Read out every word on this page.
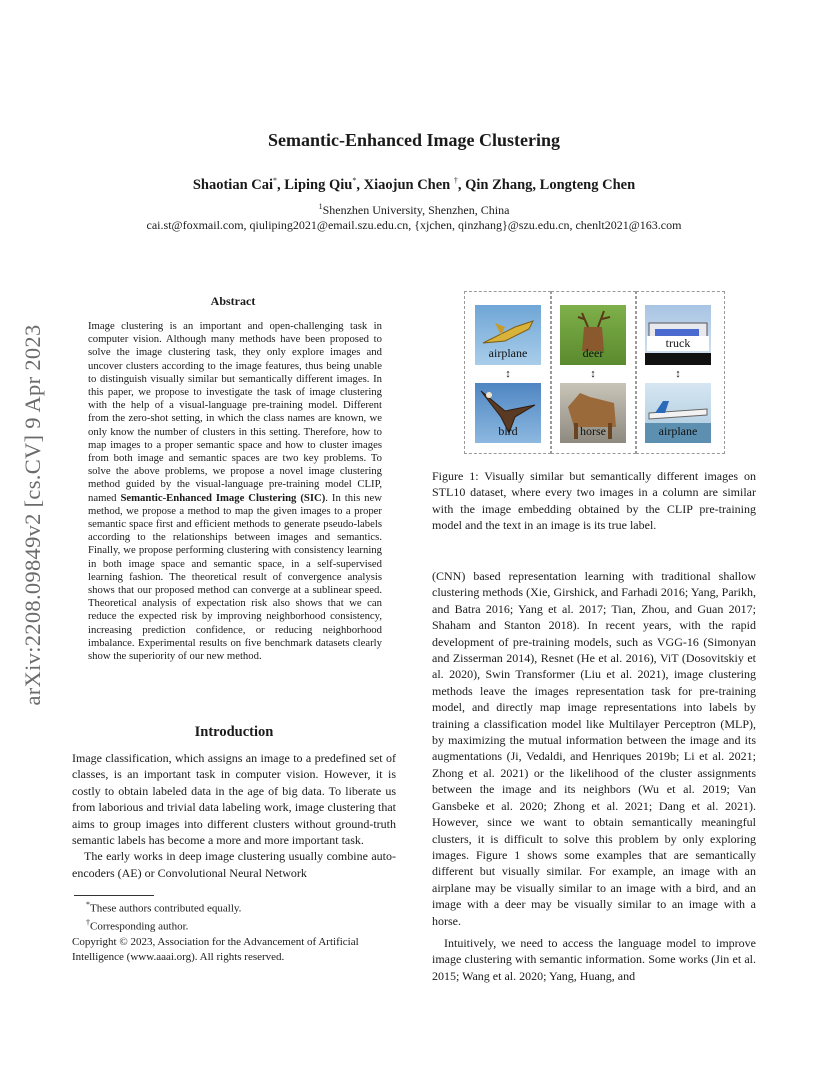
Semantic-Enhanced Image Clustering
Shaotian Cai*, Liping Qiu*, Xiaojun Chen †, Qin Zhang, Longteng Chen
$^1$Shenzhen University, Shenzhen, China
cai.st@foxmail.com, qiuliping2021@email.szu.edu.cn, {xjchen, qinzhang}@szu.edu.cn, chenlt2021@163.com
arXiv:2208.09849v2 [cs.CV] 9 Apr 2023
Abstract
Image clustering is an important and open-challenging task in computer vision. Although many methods have been proposed to solve the image clustering task, they only explore images and uncover clusters according to the image features, thus being unable to distinguish visually similar but semantically different images. In this paper, we propose to investigate the task of image clustering with the help of a visual-language pre-training model. Different from the zero-shot setting, in which the class names are known, we only know the number of clusters in this setting. Therefore, how to map images to a proper semantic space and how to cluster images from both image and semantic spaces are two key problems. To solve the above problems, we propose a novel image clustering method guided by the visual-language pre-training model CLIP, named Semantic-Enhanced Image Clustering (SIC). In this new method, we propose a method to map the given images to a proper semantic space first and efficient methods to generate pseudo-labels according to the relationships between images and semantics. Finally, we propose performing clustering with consistency learning in both image space and semantic space, in a self-supervised learning fashion. The theoretical result of convergence analysis shows that our proposed method can converge at a sublinear speed. Theoretical analysis of expectation risk also shows that we can reduce the expected risk by improving neighborhood consistency, increasing prediction confidence, or reducing neighborhood imbalance. Experimental results on five benchmark datasets clearly show the superiority of our new method.
Introduction

Image classification, which assigns an image to a predefined set of classes, is an important task in computer vision. However, it is costly to obtain labeled data in the age of big data. To liberate us from laborious and trivial data labeling work, image clustering that aims to group images into different clusters without ground-truth semantic labels has become a more and more important task.

The early works in deep image clustering usually combine auto-encoders (AE) or Convolutional Neural Network

*These authors contributed equally.
†Corresponding author.
Copyright © 2023, Association for the Advancement of Artificial Intelligence (www.aaai.org). All rights reserved.
airplane
↕
bird
deer
↕
horse
truck
↕
airplane
Figure 1: Visually similar but semantically different images on STL10 dataset, where every two images in a column are similar with the image embedding obtained by the CLIP pre-training model and the text in an image is its true label.

(CNN) based representation learning with traditional shallow clustering methods (Xie, Girshick, and Farhadi 2016; Yang, Parikh, and Batra 2016; Yang et al. 2017; Tian, Zhou, and Guan 2017; Shaham and Stanton 2018). In recent years, with the rapid development of pre-training models, such as VGG-16 (Simonyan and Zisserman 2014), Resnet (He et al. 2016), ViT (Dosovitskiy et al. 2020), Swin Transformer (Liu et al. 2021), image clustering methods leave the images representation task for pre-training model, and directly map image representations into labels by training a classification model like Multilayer Perceptron (MLP), by maximizing the mutual information between the image and its augmentations (Ji, Vedaldi, and Henriques 2019b; Li et al. 2021; Zhong et al. 2021) or the likelihood of the cluster assignments between the image and its neighbors (Wu et al. 2019; Van Gansbeke et al. 2020; Zhong et al. 2021; Dang et al. 2021). However, since we want to obtain semantically meaningful clusters, it is difficult to solve this problem by only exploring images. Figure 1 shows some examples that are semantically different but visually similar. For example, an image with an airplane may be visually similar to an image with a bird, and an image with a deer may be visually similar to an image with a horse.

Intuitively, we need to access the language model to improve image clustering with semantic information. Some works (Jin et al. 2015; Wang et al. 2020; Yang, Huang, and
